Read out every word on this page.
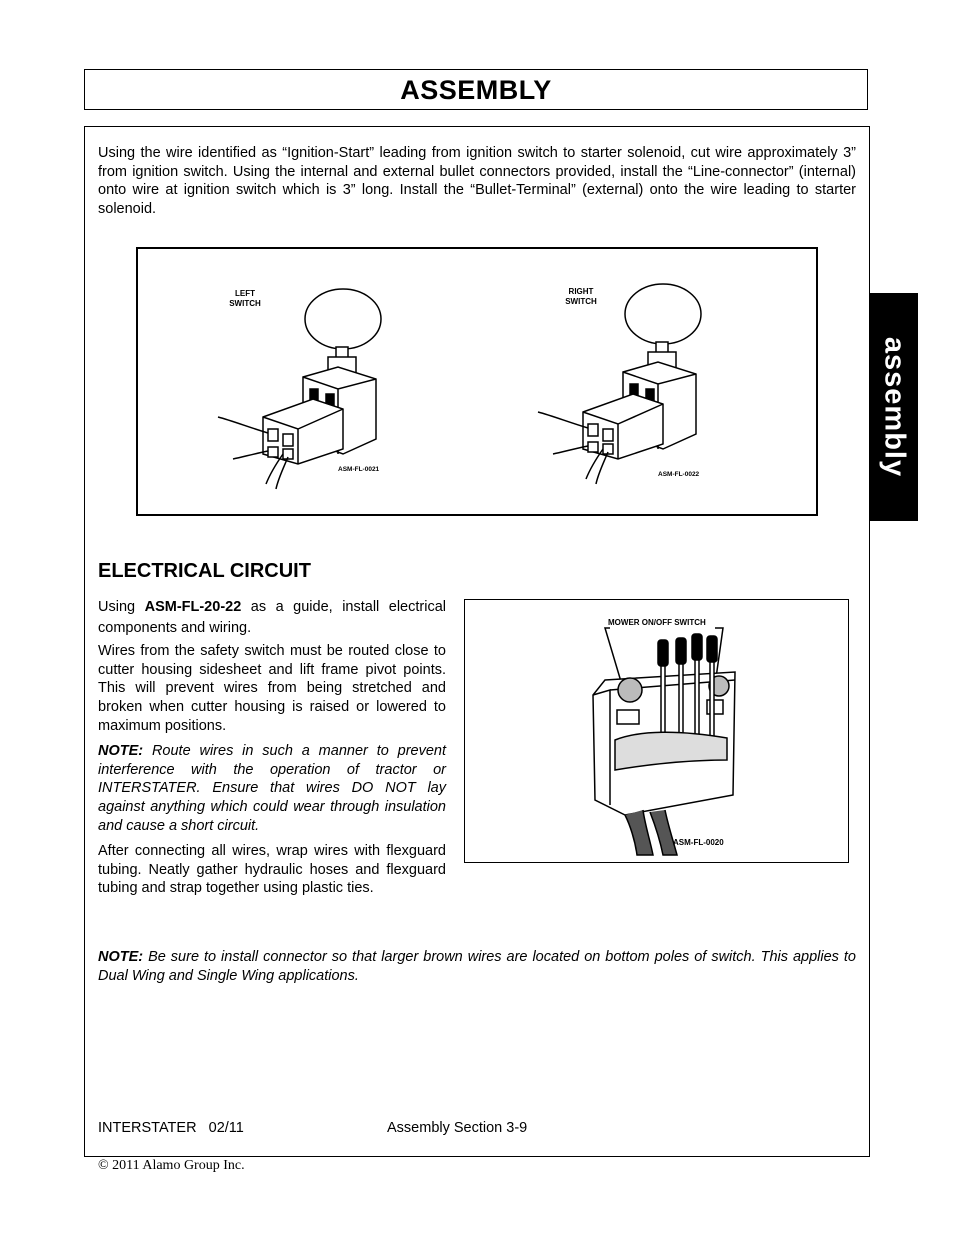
ASSEMBLY
assembly

Using the wire identified as “Ignition-Start” leading from ignition switch to starter solenoid, cut wire approximately 3” from ignition switch. Using the internal and external bullet connectors provided, install the “Line-connector” (internal) onto wire at ignition switch which is 3” long. Install the “Bullet-Terminal” (external) onto the wire leading to starter solenoid.

LEFT
SWITCH
ASM-FL-0021
RIGHT
SWITCH
ASM-FL-0022
ELECTRICAL CIRCUIT

Using ASM-FL-20-22 as a guide, install electrical components and wiring.

Wires from the safety switch must be routed close to cutter housing sidesheet and lift frame pivot points. This will prevent wires from being stretched and broken when cutter housing is raised or lowered to maximum positions.

NOTE: Route wires in such a manner to prevent interference with the operation of tractor or INTERSTATER. Ensure that wires DO NOT lay against anything which could wear through insulation and cause a short circuit.

After connecting all wires, wrap wires with flexguard tubing. Neatly gather hydraulic hoses and flexguard tubing and strap together using plastic ties.

MOWER ON/OFF SWITCH
ASM-FL-0020

NOTE: Be sure to install connector so that larger brown wires are located on bottom poles of switch. This applies to Dual Wing and Single Wing applications.

INTERSTATER   02/11	Assembly Section 3-9
© 2011 Alamo Group Inc.
